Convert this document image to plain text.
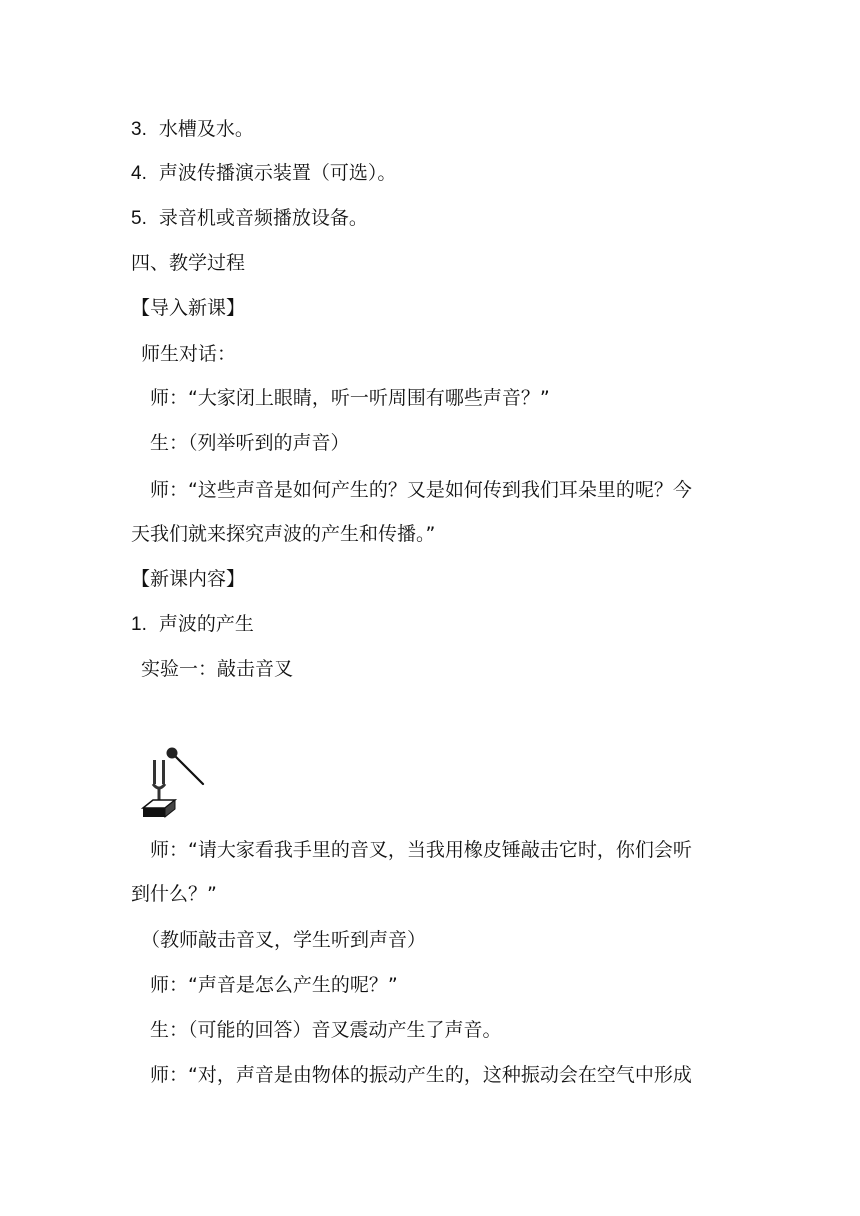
3. 水槽及水。
4. 声波传播演示装置（可选）。
5. 录音机或音频播放设备。
四、教学过程
【导入新课】
师生对话：
师：“大家闭上眼睛，听一听周围有哪些声音？”
生：（列举听到的声音）
师：“这些声音是如何产生的？又是如何传到我们耳朵里的呢？今
天我们就来探究声波的产生和传播。”
【新课内容】
1. 声波的产生
实验一：敲击音叉
师：“请大家看我手里的音叉，当我用橡皮锤敲击它时，你们会听
到什么？”
（教师敲击音叉，学生听到声音）
师：“声音是怎么产生的呢？”
生：（可能的回答）音叉震动产生了声音。
师：“对，声音是由物体的振动产生的，这种振动会在空气中形成
